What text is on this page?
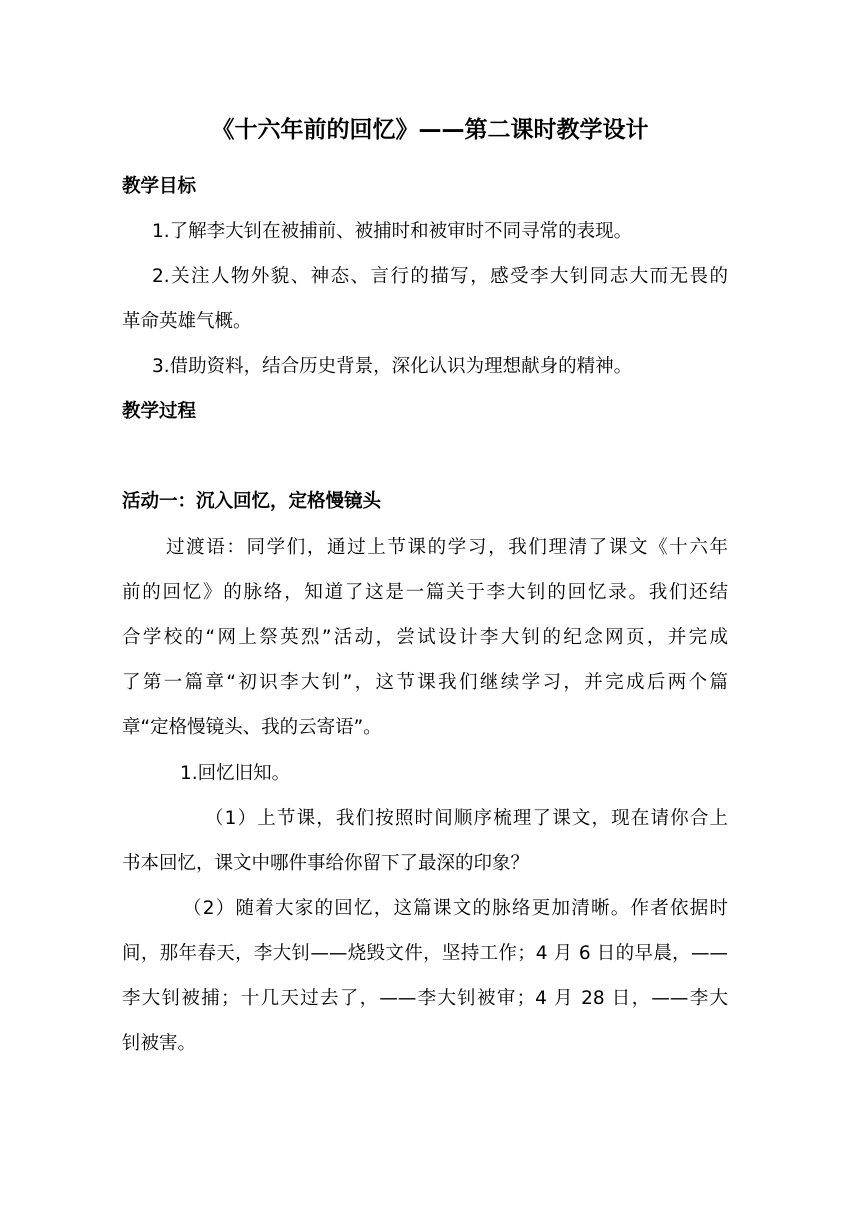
《十六年前的回忆》——第二课时教学设计
教学目标
1.了解李大钊在被捕前、被捕时和被审时不同寻常的表现。
2.关注人物外貌、神态、言行的描写，感受李大钊同志大而无畏的
革命英雄气概。
3.借助资料，结合历史背景，深化认识为理想献身的精神。
教学过程
活动一：沉入回忆，定格慢镜头
过渡语：同学们，通过上节课的学习，我们理清了课文《十六年
前的回忆》的脉络，知道了这是一篇关于李大钊的回忆录。我们还结
合学校的“网上祭英烈”活动，尝试设计李大钊的纪念网页，并完成
了第一篇章“初识李大钊”，这节课我们继续学习，并完成后两个篇
章“定格慢镜头、我的云寄语”。
1.回忆旧知。
（1）上节课，我们按照时间顺序梳理了课文，现在请你合上
书本回忆，课文中哪件事给你留下了最深的印象？
（2）随着大家的回忆，这篇课文的脉络更加清晰。作者依据时
间，那年春天，李大钊——烧毁文件，坚持工作；4 月 6 日的早晨，——
李大钊被捕；十几天过去了，——李大钊被审；4 月 28 日，——李大
钊被害。
